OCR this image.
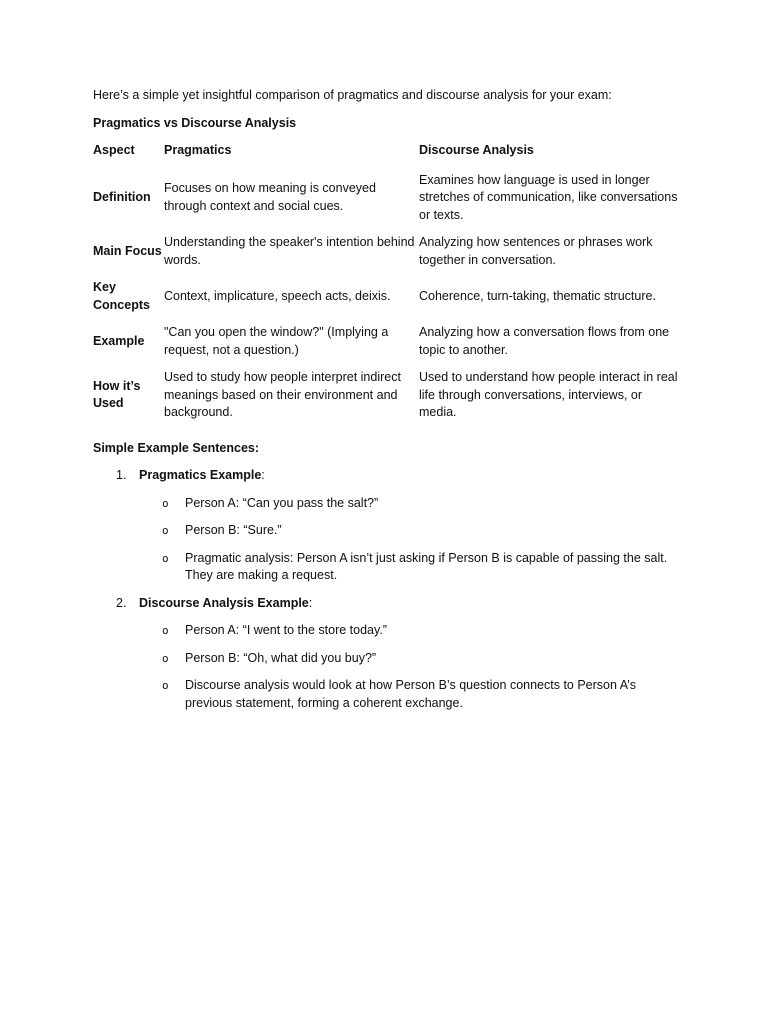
Here’s a simple yet insightful comparison of pragmatics and discourse analysis for your exam:

Pragmatics vs Discourse Analysis

Aspect	Pragmatics	Discourse Analysis
Definition	Focuses on how meaning is conveyed through context and social cues.	Examines how language is used in longer stretches of communication, like conversations or texts.
Main Focus	Understanding the speaker's intention behind words.	Analyzing how sentences or phrases work together in conversation.
Key Concepts	Context, implicature, speech acts, deixis.	Coherence, turn-taking, thematic structure.
Example	"Can you open the window?" (Implying a request, not a question.)	Analyzing how a conversation flows from one topic to another.
How it’s Used	Used to study how people interpret indirect meanings based on their environment and background.	Used to understand how people interact in real life through conversations, interviews, or media.

Simple Example Sentences:

1. Pragmatics Example:
o Person A: “Can you pass the salt?”
o Person B: “Sure.”
o Pragmatic analysis: Person A isn’t just asking if Person B is capable of passing the salt. They are making a request.
2. Discourse Analysis Example:
o Person A: “I went to the store today.”
o Person B: “Oh, what did you buy?”
o Discourse analysis would look at how Person B’s question connects to Person A’s previous statement, forming a coherent exchange.
